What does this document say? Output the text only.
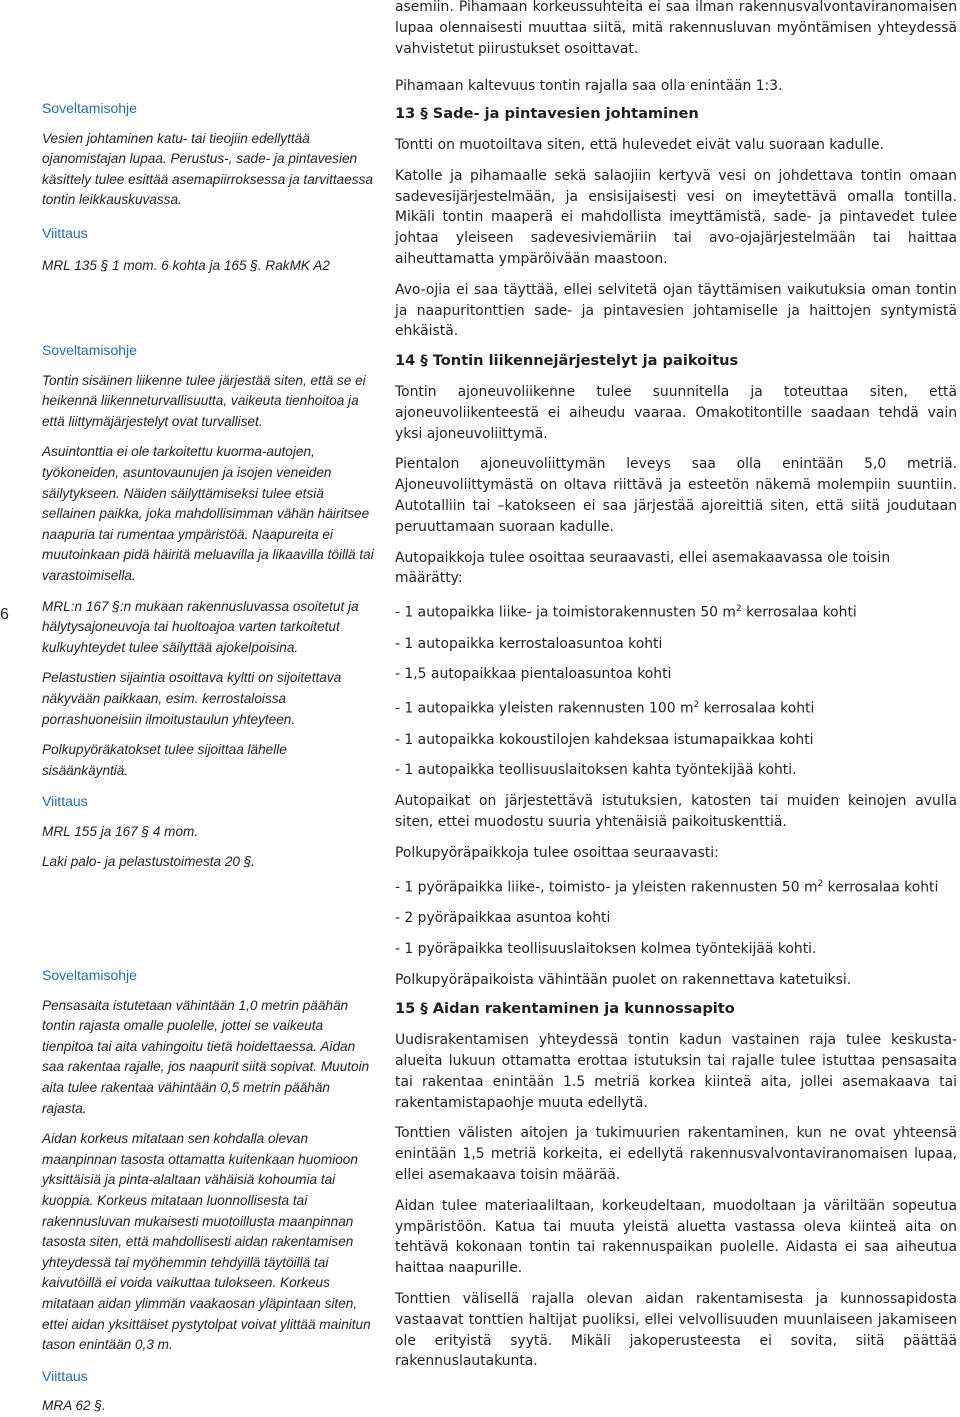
6

Soveltamisohje

Vesien johtaminen katu- tai tieojiin edellyttää ojanomistajan lupaa. Perustus-, sade- ja pintavesien käsittely tulee esittää asemapiirroksessa ja tarvittaessa tontin leikkauskuvassa.

Viittaus

MRL 135 § 1 mom. 6 kohta ja 165 §. RakMK A2

Soveltamisohje

Tontin sisäinen liikenne tulee järjestää siten, että se ei heikennä liikenneturvallisuutta, vaikeuta tienhoitoa ja että liittymäjärjestelyt ovat turvalliset.

Asuintonttia ei ole tarkoitettu kuorma-autojen, työkoneiden, asuntovaunujen ja isojen veneiden säilytykseen. Näiden säilyttämiseksi tulee etsiä sellainen paikka, joka mahdollisimman vähän häiritsee naapuria tai rumentaa ympäristöä. Naapureita ei muutoinkaan pidä häiritä meluavilla ja likaavilla töillä tai varastoimisella.

MRL:n 167 §:n mukaan rakennusluvassa osoitetut ja hälytysajoneuvoja tai huoltoajoa varten tarkoitetut kulkuyhteydet tulee säilyttää ajokelpoisina.

Pelastustien sijaintia osoittava kyltti on sijoitettava näkyvään paikkaan, esim. kerrostaloissa porrashuoneisiin ilmoitustaulun yhteyteen.

Polkupyöräkatokset tulee sijoittaa lähelle sisäänkäyntiä.

Viittaus

MRL 155 ja 167 § 4 mom.

Laki palo- ja pelastustoimesta 20 §.

Soveltamisohje

Pensasaita istutetaan vähintään 1,0 metrin päähän tontin rajasta omalle puolelle, jottei se vaikeuta tienpitoa tai aita vahingoitu tietä hoidettaessa. Aidan saa rakentaa rajalle, jos naapurit siitä sopivat. Muutoin aita tulee rakentaa vähintään 0,5 metrin päähän rajasta.

Aidan korkeus mitataan sen kohdalla olevan maanpinnan tasosta ottamatta kuitenkaan huomioon yksittäisiä ja pinta-alaltaan vähäisiä kohoumia tai kuoppia. Korkeus mitataan luonnollisesta tai rakennusluvan mukaisesti muotoillusta maanpinnan tasosta siten, että mahdollisesti aidan rakentamisen yhteydessä tai myöhemmin tehdyillä täytöillä tai kaivutöillä ei voida vaikuttaa tulokseen. Korkeus mitataan aidan ylimmän vaakaosan yläpintaan siten, ettei aidan yksittäiset pystytolpat voivat ylittää mainitun tason enintään 0,3 m.

Viittaus

MRA 62 §.

asemiin. Pihamaan korkeussuhteita ei saa ilman rakennusvalvontaviranomaisen lupaa olennaisesti muuttaa siitä, mitä rakennusluvan myöntämisen yhteydessä vahvistetut piirustukset osoittavat.

Pihamaan kaltevuus tontin rajalla saa olla enintään 1:3.

13 § Sade- ja pintavesien johtaminen

Tontti on muotoiltava siten, että hulevedet eivät valu suoraan kadulle.

Katolle ja pihamaalle sekä salaojiin kertyvä vesi on johdettava tontin omaan sadevesijärjestelmään, ja ensisijaisesti vesi on imeytettävä omalla tontilla. Mikäli tontin maaperä ei mahdollista imeyttämistä, sade- ja pintavedet tulee johtaa yleiseen sadevesiviemäriin tai avo-ojajärjestelmään tai haittaa aiheuttamatta ympäröivään maastoon.

Avo-ojia ei saa täyttää, ellei selvitetä ojan täyttämisen vaikutuksia oman tontin ja naapuritonttien sade- ja pintavesien johtamiselle ja haittojen syntymistä ehkäistä.

14 § Tontin liikennejärjestelyt ja paikoitus

Tontin ajoneuvoliikenne tulee suunnitella ja toteuttaa siten, että ajoneuvoliikenteestä ei aiheudu vaaraa. Omakotitontille saadaan tehdä vain yksi ajoneuvoliittymä.

Pientalon ajoneuvoliittymän leveys saa olla enintään 5,0 metriä. Ajoneuvoliittymästä on oltava riittävä ja esteetön näkemä molempiin suuntiin. Autotalliin tai –katokseen ei saa järjestää ajoreittiä siten, että siitä joudutaan peruuttamaan suoraan kadulle.

Autopaikkoja tulee osoittaa seuraavasti, ellei asemakaavassa ole toisin määrätty:

- 1 autopaikka liike- ja toimistorakennusten 50 $m^2$ kerrosalaa kohti

- 1 autopaikka kerrostaloasuntoa kohti

- 1,5 autopaikkaa pientaloasuntoa kohti

- 1 autopaikka yleisten rakennusten 100 $m^2$ kerrosalaa kohti

- 1 autopaikka kokoustilojen kahdeksaa istumapaikkaa kohti

- 1 autopaikka teollisuuslaitoksen kahta työntekijää kohti.

Autopaikat on järjestettävä istutuksien, katosten tai muiden keinojen avulla siten, ettei muodostu suuria yhtenäisiä paikoituskenttiä.

Polkupyöräpaikkoja tulee osoittaa seuraavasti:

- 1 pyöräpaikka liike-, toimisto- ja yleisten rakennusten 50 $m^2$ kerrosalaa kohti

- 2 pyöräpaikkaa asuntoa kohti

- 1 pyöräpaikka teollisuuslaitoksen kolmea työntekijää kohti.

Polkupyöräpaikoista vähintään puolet on rakennettava katetuiksi.

15 § Aidan rakentaminen ja kunnossapito

Uudisrakentamisen yhteydessä tontin kadun vastainen raja tulee keskusta-alueita lukuun ottamatta erottaa istutuksin tai rajalle tulee istuttaa pensasaita tai rakentaa enintään 1.5 metriä korkea kiinteä aita, jollei asemakaava tai rakentamistapaohje muuta edellytä.

Tonttien välisten aitojen ja tukimuurien rakentaminen, kun ne ovat yhteensä enintään 1,5 metriä korkeita, ei edellytä rakennusvalvontaviranomaisen lupaa, ellei asemakaava toisin määrää.

Aidan tulee materiaaliltaan, korkeudeltaan, muodoltaan ja väriltään sopeutua ympäristöön. Katua tai muuta yleistä aluetta vastassa oleva kiinteä aita on tehtävä kokonaan tontin tai rakennuspaikan puolelle. Aidasta ei saa aiheutua haittaa naapurille.

Tonttien välisellä rajalla olevan aidan rakentamisesta ja kunnossapidosta vastaavat tonttien haltijat puoliksi, ellei velvollisuuden muunlaiseen jakamiseen ole erityistä syytä. Mikäli jakoperusteesta ei sovita, siitä päättää rakennuslautakunta.
